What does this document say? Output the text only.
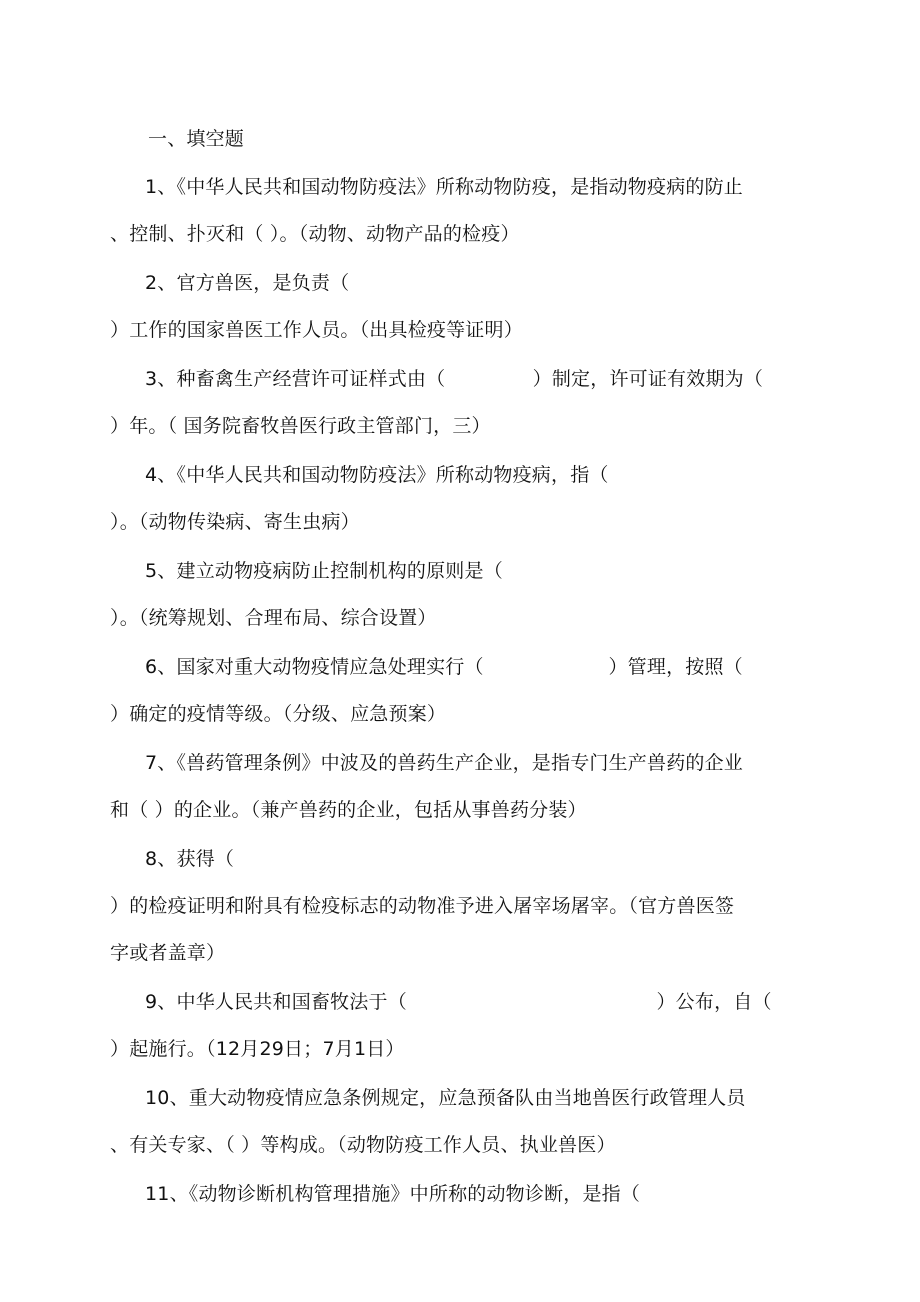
一、填空题
1、《中华人民共和国动物防疫法》所称动物防疫，是指动物疫病的防止
、控制、扑灭和（ ）。（动物、动物产品的检疫）
2、官方兽医，是负责（
）工作的国家兽医工作人员。（出具检疫等证明）
3、种畜禽生产经营许可证样式由（              ）制定，许可证有效期为（
）年。（ 国务院畜牧兽医行政主管部门，三）
4、《中华人民共和国动物防疫法》所称动物疫病，指（
）。（动物传染病、寄生虫病）
5、建立动物疫病防止控制机构的原则是（
）。（统筹规划、合理布局、综合设置）
6、国家对重大动物疫情应急处理实行（                    ）管理，按照（
）确定的疫情等级。（分级、应急预案）
7、《兽药管理条例》中波及的兽药生产企业，是指专门生产兽药的企业
和（ ）的企业。（兼产兽药的企业，包括从事兽药分装）
8、获得（
）的检疫证明和附具有检疫标志的动物准予进入屠宰场屠宰。（官方兽医签
字或者盖章）
9、中华人民共和国畜牧法于（                                        ）公布，自（
）起施行。（12月29日；7月1日）
10、重大动物疫情应急条例规定，应急预备队由当地兽医行政管理人员
、有关专家、（ ）等构成。（动物防疫工作人员、执业兽医）
11、《动物诊断机构管理措施》中所称的动物诊断，是指（
